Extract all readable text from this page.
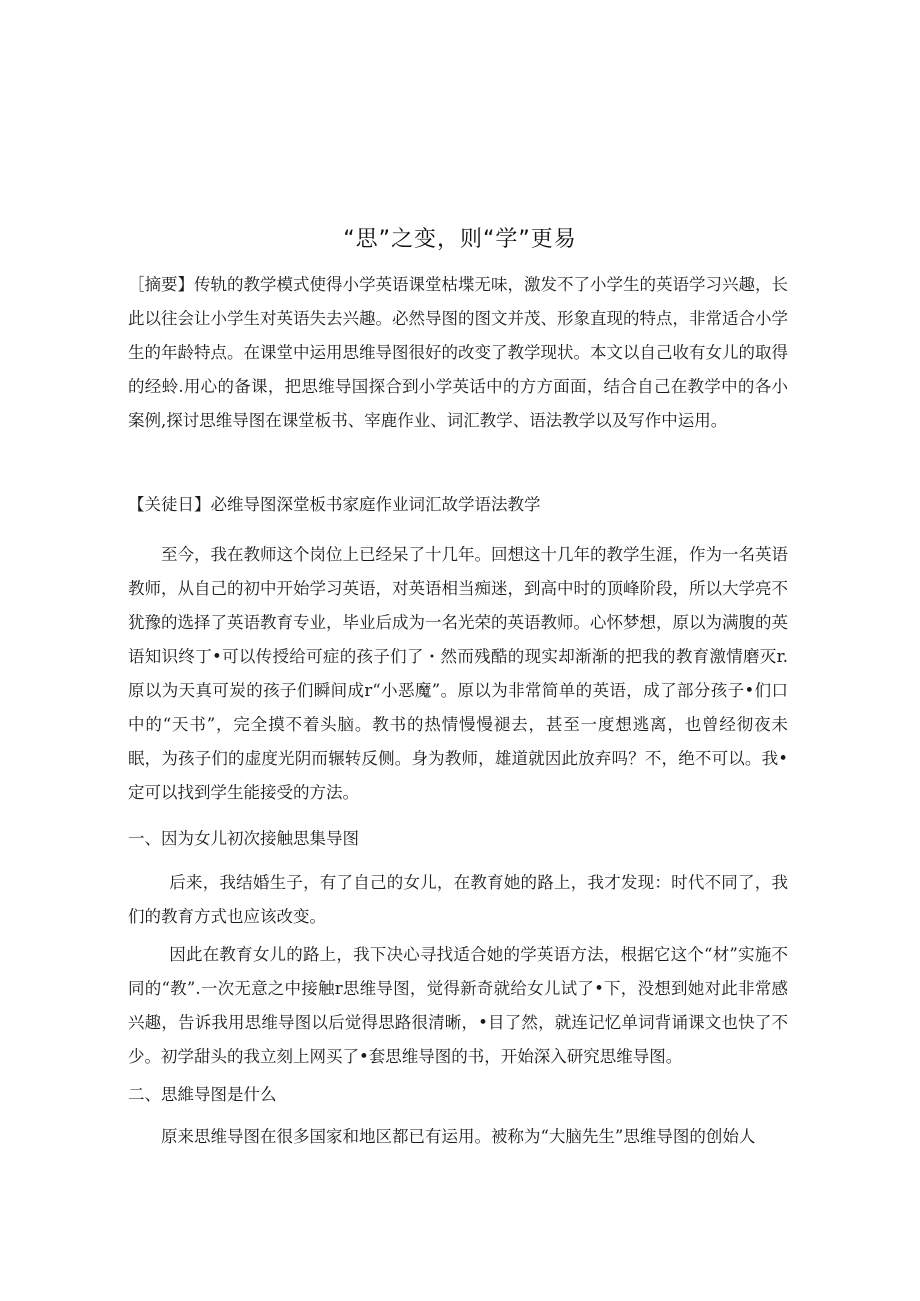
“思”之变，则“学”更易

［摘要】传轨的教学模式使得小学英语课堂枯堞无味，激发不了小学生的英语学习兴趣，长此以往会让小学生对英语失去兴趣。必然导图的图文并茂、形象直现的特点，非常适合小学生的年龄特点。在课堂中运用思维导图很好的改变了教学现状。本文以自己收有女儿的取得的经蛉.用心的备课，把思维导国探合到小学英话中的方方面面，结合自己在教学中的各小案例,探讨思维导图在课堂板书、宰鹿作业、词汇教学、语法教学以及写作中运用。

【关徒日】必维导图深堂板书家庭作业词汇故学语法教学

至今，我在教师这个岗位上已经呆了十几年。回想这十几年的教学生涯，作为一名英语教师，从自己的初中开始学习英语，对英语相当痴迷，到高中时的顶峰阶段，所以大学亮不犹豫的选择了英语教育专业，毕业后成为一名光荣的英语教师。心怀梦想，原以为满腹的英语知识终丁•可以传授给可症的孩子们了・然而残酷的现实却渐渐的把我的教育激情磨灭r.原以为天真可炭的孩子们瞬间成r“小恶魔”。原以为非常简单的英语，成了部分孩子•们口中的“天书”，完全摸不着头脑。教书的热情慢慢褪去，甚至一度想逃离，也曾经彻夜未眠，为孩子们的虚度光阴而辗转反侧。身为教师，雄道就因此放弃吗？不，绝不可以。我•定可以找到学生能接受的方法。

一、因为女儿初次接触思集导图

后来，我结婚生子，有了自己的女儿，在教育她的路上，我才发现：时代不同了，我们的教育方式也应该改变。

因此在教育女儿的路上，我下决心寻找适合她的学英语方法，根据它这个“材”实施不同的“教”.一次无意之中接触r思维导图，觉得新奇就给女儿试了•下，没想到她对此非常感兴趣，告诉我用思维导图以后觉得思路很清晰，•目了然，就连记忆单词背诵课文也快了不少。初学甜头的我立刻上网买了•套思维导图的书，开始深入研究思维导图。

二、思維导图是什么

原来思维导图在很多国家和地区都已有运用。被称为“大脑先生”思维导图的创始人
